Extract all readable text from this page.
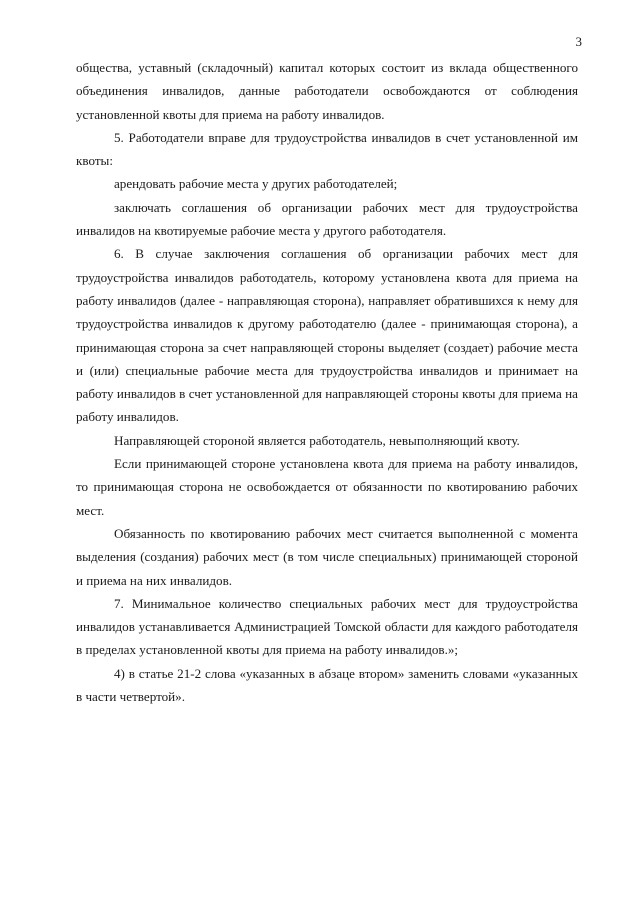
3

общества, уставный (складочный) капитал которых состоит из вклада общественного объединения инвалидов, данные работодатели освобождаются от соблюдения установленной квоты для приема на работу инвалидов.

5. Работодатели вправе для трудоустройства инвалидов в счет установленной им квоты:

арендовать рабочие места у других работодателей;

заключать соглашения об организации рабочих мест для трудоустройства инвалидов на квотируемые рабочие места у другого работодателя.

6. В случае заключения соглашения об организации рабочих мест для трудоустройства инвалидов работодатель, которому установлена квота для приема на работу инвалидов (далее - направляющая сторона), направляет обратившихся к нему для трудоустройства инвалидов к другому работодателю (далее - принимающая сторона), а принимающая сторона за счет направляющей стороны выделяет (создает) рабочие места и (или) специальные рабочие места для трудоустройства инвалидов и принимает на работу инвалидов в счет установленной для направляющей стороны квоты для приема на работу инвалидов.

Направляющей стороной является работодатель, невыполняющий квоту.

Если принимающей стороне установлена квота для приема на работу инвалидов, то принимающая сторона не освобождается от обязанности по квотированию рабочих мест.

Обязанность по квотированию рабочих мест считается выполненной с момента выделения (создания) рабочих мест (в том числе специальных) принимающей стороной и приема на них инвалидов.

7. Минимальное количество специальных рабочих мест для трудоустройства инвалидов устанавливается Администрацией Томской области для каждого работодателя в пределах установленной квоты для приема на работу инвалидов.»;

4) в статье 21-2 слова «указанных в абзаце втором» заменить словами «указанных в части четвертой».
